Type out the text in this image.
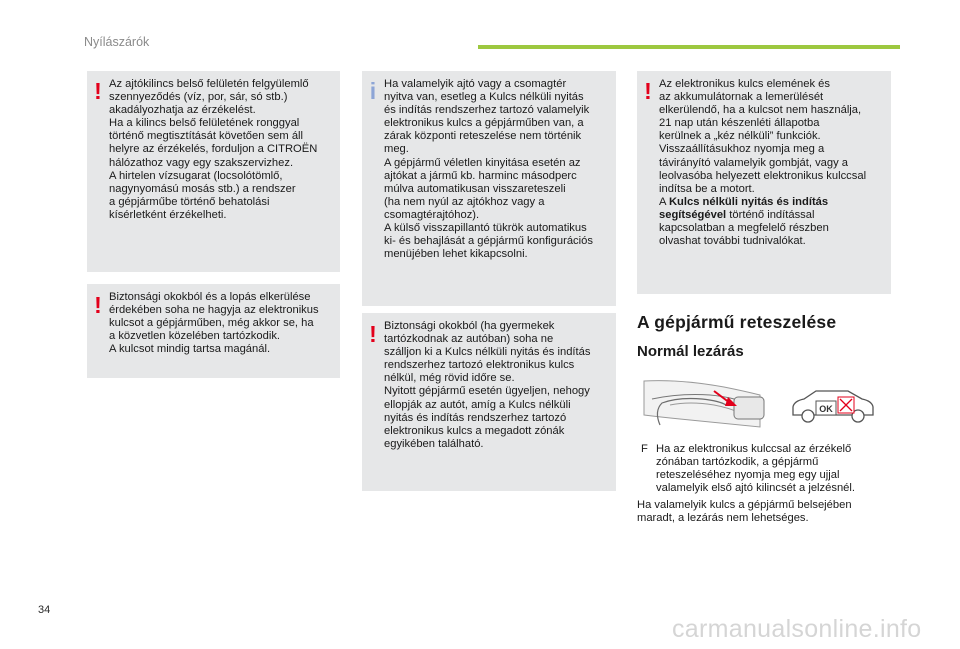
Nyílászárók
! Az ajtókilincs belső felületén felgyülemlő
szennyeződés (víz, por, sár, só stb.)
akadályozhatja az érzékelést.
Ha a kilincs belső felületének ronggyal
történő megtisztítását követően sem áll
helyre az érzékelés, forduljon a CITROËN
hálózathoz vagy egy szakszervizhez.
A hirtelen vízsugarat (locsolótömlő,
nagynyomású mosás stb.) a rendszer
a gépjárműbe történő behatolási
kísérletként érzékelheti.
! Biztonsági okokból és a lopás elkerülése
érdekében soha ne hagyja az elektronikus
kulcsot a gépjárműben, még akkor se, ha
a közvetlen közelében tartózkodik.
A kulcsot mindig tartsa magánál.
i Ha valamelyik ajtó vagy a csomagtér
nyitva van, esetleg a Kulcs nélküli nyitás
és indítás rendszerhez tartozó valamelyik
elektronikus kulcs a gépjárműben van, a
zárak központi reteszelése nem történik
meg.
A gépjármű véletlen kinyitása esetén az
ajtókat a jármű kb. harminc másodperc
múlva automatikusan visszareteszeli
(ha nem nyúl az ajtókhoz vagy a
csomagtérajtóhoz).
A külső visszapillantó tükrök automatikus
ki- és behajlását a gépjármű konfigurációs
menüjében lehet kikapcsolni.
! Biztonsági okokból (ha gyermekek
tartózkodnak az autóban) soha ne
szálljon ki a Kulcs nélküli nyitás és indítás
rendszerhez tartozó elektronikus kulcs
nélkül, még rövid időre se.
Nyitott gépjármű esetén ügyeljen, nehogy
ellopják az autót, amíg a Kulcs nélküli
nyitás és indítás rendszerhez tartozó
elektronikus kulcs a megadott zónák
egyikében található.
! Az elektronikus kulcs elemének és
az akkumulátornak a lemerülését
elkerülendő, ha a kulcsot nem használja,
21 nap után készenléti állapotba
kerülnek a „kéz nélküli” funkciók.
Visszaállításukhoz nyomja meg a
távirányító valamelyik gombját, vagy a
leolvasóba helyezett elektronikus kulccsal
indítsa be a motort.
A Kulcs nélküli nyitás és indítás
segítségével történő indítással
kapcsolatban a megfelelő részben
olvashat további tudnivalókat.
A gépjármű reteszelése
Normál lezárás
OK
F Ha az elektronikus kulccsal az érzékelő
zónában tartózkodik, a gépjármű
reteszeléséhez nyomja meg egy ujjal
valamelyik első ajtó kilincsét a jelzésnél.
Ha valamelyik kulcs a gépjármű belsejében
maradt, a lezárás nem lehetséges.
34
carmanualsonline.info
